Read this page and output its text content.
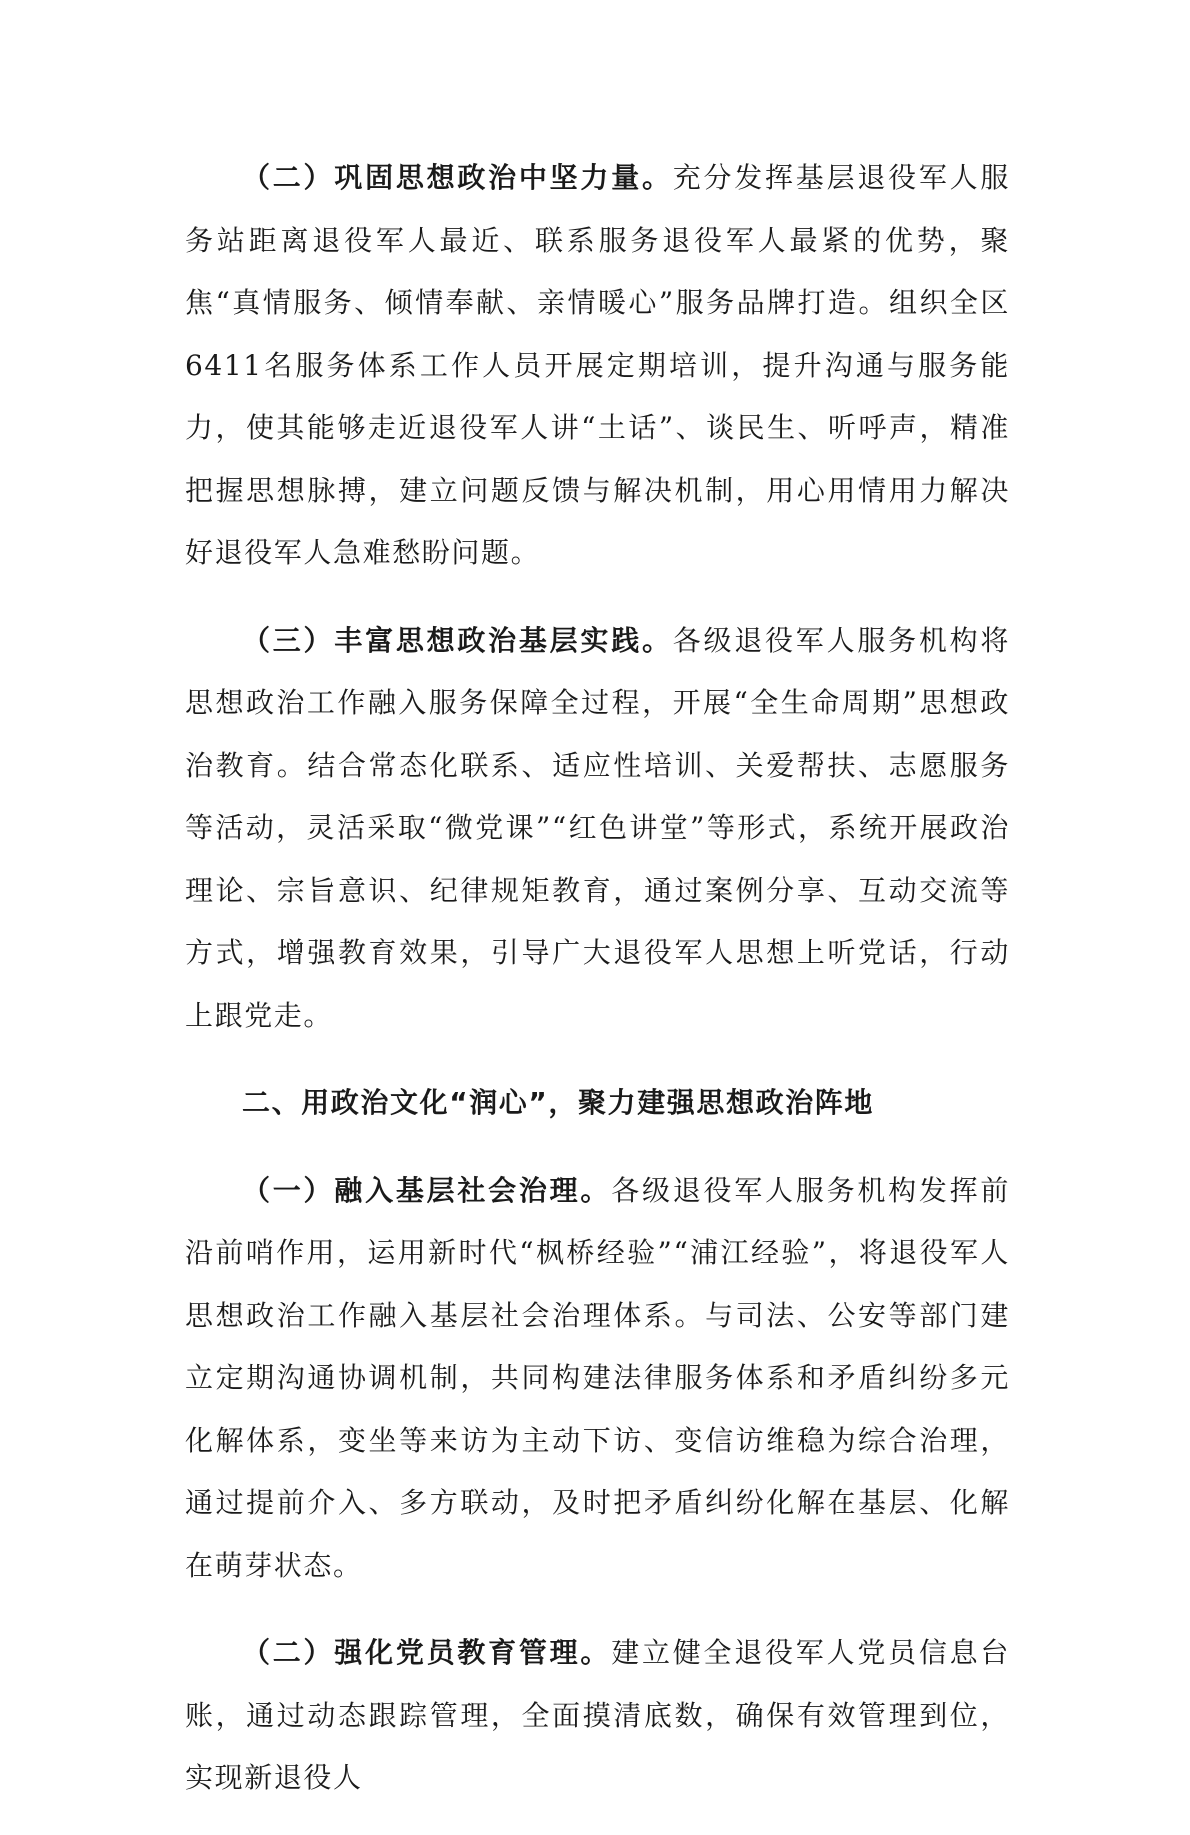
（二）巩固思想政治中坚力量。充分发挥基层退役军人服务站距离退役军人最近、联系服务退役军人最紧的优势，聚焦“真情服务、倾情奉献、亲情暖心”服务品牌打造。组织全区6411名服务体系工作人员开展定期培训，提升沟通与服务能力，使其能够走近退役军人讲“土话”、谈民生、听呼声，精准把握思想脉搏，建立问题反馈与解决机制，用心用情用力解决好退役军人急难愁盼问题。

（三）丰富思想政治基层实践。各级退役军人服务机构将思想政治工作融入服务保障全过程，开展“全生命周期”思想政治教育。结合常态化联系、适应性培训、关爱帮扶、志愿服务等活动，灵活采取“微党课”“红色讲堂”等形式，系统开展政治理论、宗旨意识、纪律规矩教育，通过案例分享、互动交流等方式，增强教育效果，引导广大退役军人思想上听党话，行动上跟党走。

二、用政治文化“润心”，聚力建强思想政治阵地

（一）融入基层社会治理。各级退役军人服务机构发挥前沿前哨作用，运用新时代“枫桥经验”“浦江经验”，将退役军人思想政治工作融入基层社会治理体系。与司法、公安等部门建立定期沟通协调机制，共同构建法律服务体系和矛盾纠纷多元化解体系，变坐等来访为主动下访、变信访维稳为综合治理，通过提前介入、多方联动，及时把矛盾纠纷化解在基层、化解在萌芽状态。

（二）强化党员教育管理。建立健全退役军人党员信息台账，通过动态跟踪管理，全面摸清底数，确保有效管理到位，实现新退役人
